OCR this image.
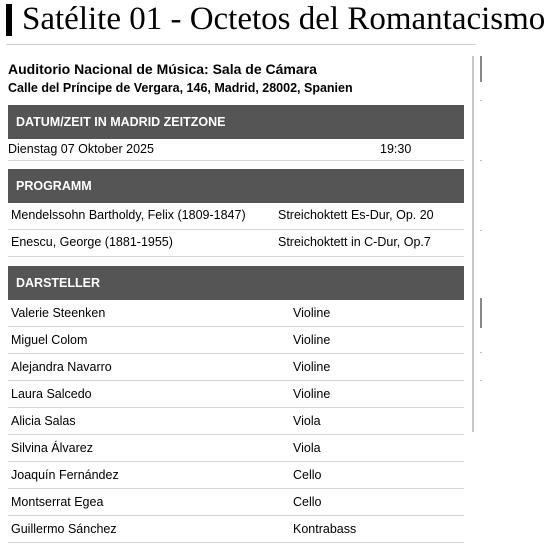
Satélite 01 - Octetos del Romantacismo
Auditorio Nacional de Música: Sala de Cámara
Calle del Príncipe de Vergara, 146, Madrid, 28002, Spanien
DATUM/ZEIT IN MADRID ZEITZONE
Dienstag 07 Oktober 2025	19:30
PROGRAMM
Mendelssohn Bartholdy, Felix (1809-1847)	Streichoktett Es-Dur, Op. 20
Enescu, George (1881-1955)	Streichoktett in C-Dur, Op.7
DARSTELLER
Valerie Steenken	Violine
Miguel Colom	Violine
Alejandra Navarro	Violine
Laura Salcedo	Violine
Alicia Salas	Viola
Silvina Álvarez	Viola
Joaquín Fernández	Cello
Montserrat Egea	Cello
Guillermo Sánchez	Kontrabass
